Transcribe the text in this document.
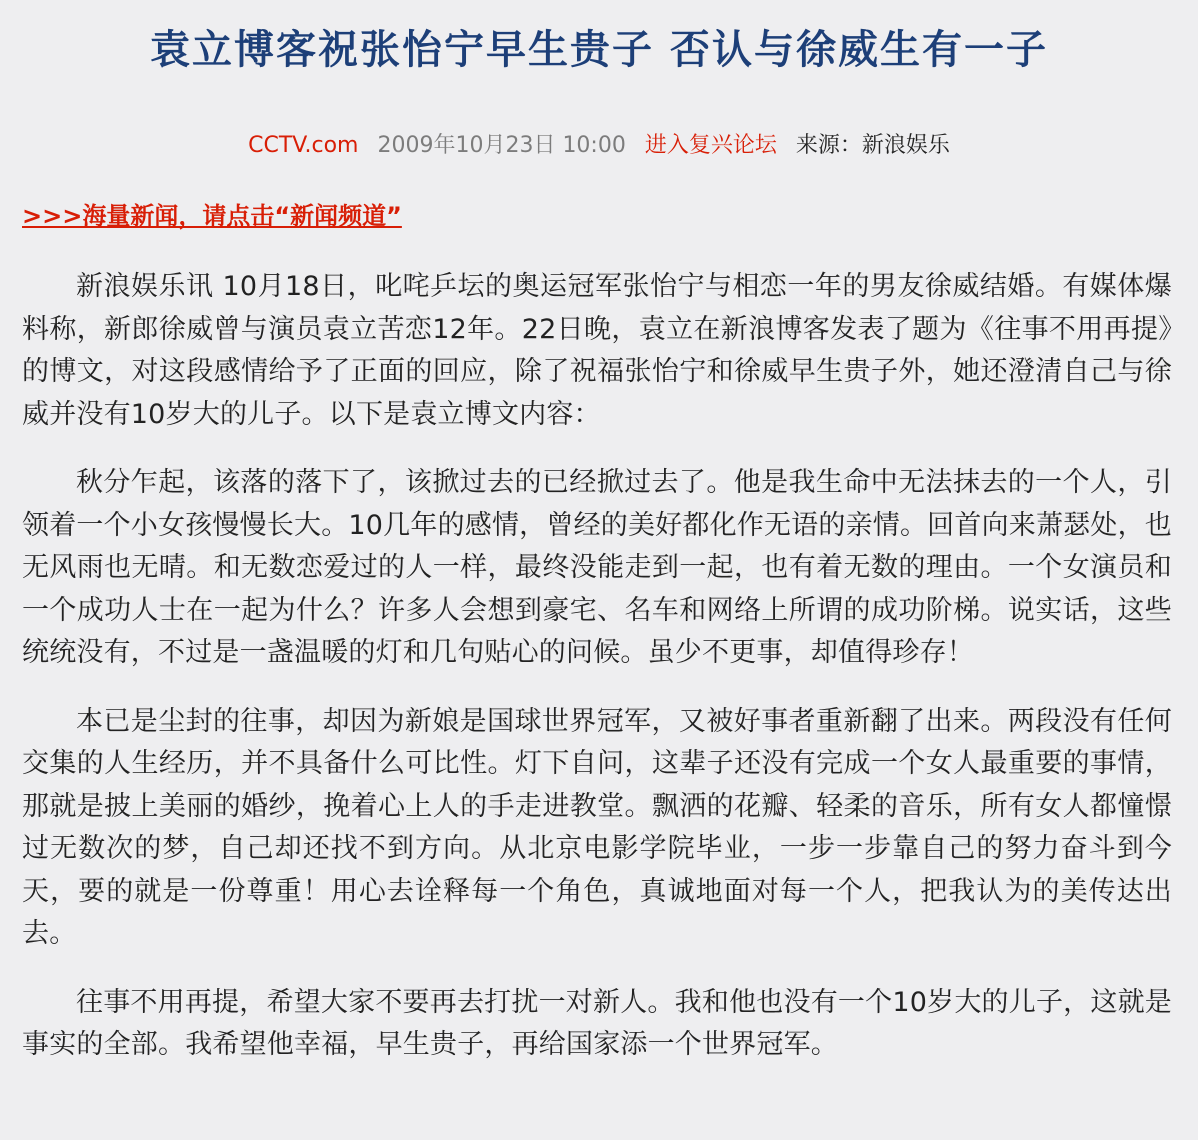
袁立博客祝张怡宁早生贵子 否认与徐威生有一子
CCTV.com 2009年10月23日 10:00 进入复兴论坛 来源：新浪娱乐
>>>海量新闻，请点击“新闻频道”

新浪娱乐讯 10月18日，叱咤乒坛的奥运冠军张怡宁与相恋一年的男友徐威结婚。有媒体爆料称，新郎徐威曾与演员袁立苦恋12年。22日晚，袁立在新浪博客发表了题为《往事不用再提》的博文，对这段感情给予了正面的回应，除了祝福张怡宁和徐威早生贵子外，她还澄清自己与徐威并没有10岁大的儿子。以下是袁立博文内容：

秋分乍起，该落的落下了，该掀过去的已经掀过去了。他是我生命中无法抹去的一个人，引领着一个小女孩慢慢长大。10几年的感情，曾经的美好都化作无语的亲情。回首向来萧瑟处，也无风雨也无晴。和无数恋爱过的人一样，最终没能走到一起，也有着无数的理由。一个女演员和一个成功人士在一起为什么？许多人会想到豪宅、名车和网络上所谓的成功阶梯。说实话，这些统统没有，不过是一盏温暖的灯和几句贴心的问候。虽少不更事，却值得珍存！

本已是尘封的往事，却因为新娘是国球世界冠军，又被好事者重新翻了出来。两段没有任何交集的人生经历，并不具备什么可比性。灯下自问，这辈子还没有完成一个女人最重要的事情，那就是披上美丽的婚纱，挽着心上人的手走进教堂。飘洒的花瓣、轻柔的音乐，所有女人都憧憬过无数次的梦，自己却还找不到方向。从北京电影学院毕业，一步一步靠自己的努力奋斗到今天，要的就是一份尊重！用心去诠释每一个角色，真诚地面对每一个人，把我认为的美传达出去。

往事不用再提，希望大家不要再去打扰一对新人。我和他也没有一个10岁大的儿子，这就是事实的全部。我希望他幸福，早生贵子，再给国家添一个世界冠军。
